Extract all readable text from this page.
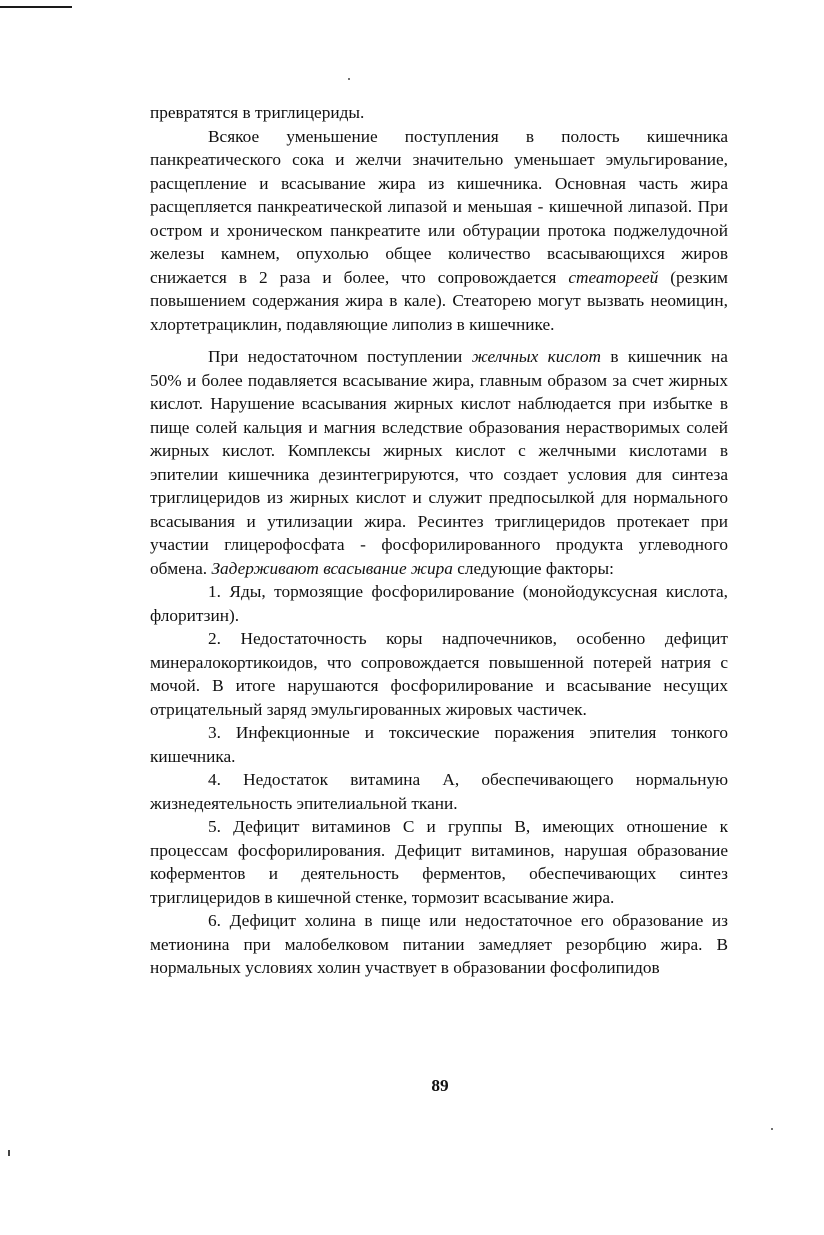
превратятся в триглицериды.

Всякое уменьшение поступления в полость кишечника панкреатического сока и желчи значительно уменьшает эмульгирование, расщепление и всасывание жира из кишечника. Основная часть жира расщепляется панкреатической липазой и меньшая - кишечной липазой. При остром и хроническом панкреатите или обтурации протока поджелудочной железы камнем, опухолью общее количество всасывающихся жиров снижается в 2 раза и более, что сопровождается стеатореей (резким повышением содержания жира в кале). Стеаторею могут вызвать неомицин, хлортетрациклин, подавляющие липолиз в кишечнике.

При недостаточном поступлении желчных кислот в кишечник на 50% и более подавляется всасывание жира, главным образом за счет жирных кислот. Нарушение всасывания жирных кислот наблюдается при избытке в пище солей кальция и магния вследствие образования нерастворимых солей жирных кислот. Комплексы жирных кислот с желчными кислотами в эпителии кишечника дезинтегрируются, что создает условия для синтеза триглицеридов из жирных кислот и служит предпосылкой для нормального всасывания и утилизации жира. Ресинтез триглицеридов протекает при участии глицерофосфата - фосфорилированного продукта углеводного обмена. Задерживают всасывание жира следующие факторы:

1. Яды, тормозящие фосфорилирование (монойодуксусная кислота, флоритзин).

2. Недостаточность коры надпочечников, особенно дефицит минералокортикоидов, что сопровождается повышенной потерей натрия с мочой. В итоге нарушаются фосфорилирование и всасывание несущих отрицательный заряд эмульгированных жировых частичек.

3. Инфекционные и токсические поражения эпителия тонкого кишечника.

4. Недостаток витамина А, обеспечивающего нормальную жизнедеятельность эпителиальной ткани.

5. Дефицит витаминов С и группы В, имеющих отношение к процессам фосфорилирования. Дефицит витаминов, нарушая образование коферментов и деятельность ферментов, обеспечивающих синтез триглицеридов в кишечной стенке, тормозит всасывание жира.

6. Дефицит холина в пище или недостаточное его образование из метионина при малобелковом питании замедляет резорбцию жира. В нормальных условиях холин участвует в образовании фосфолипидов

89
